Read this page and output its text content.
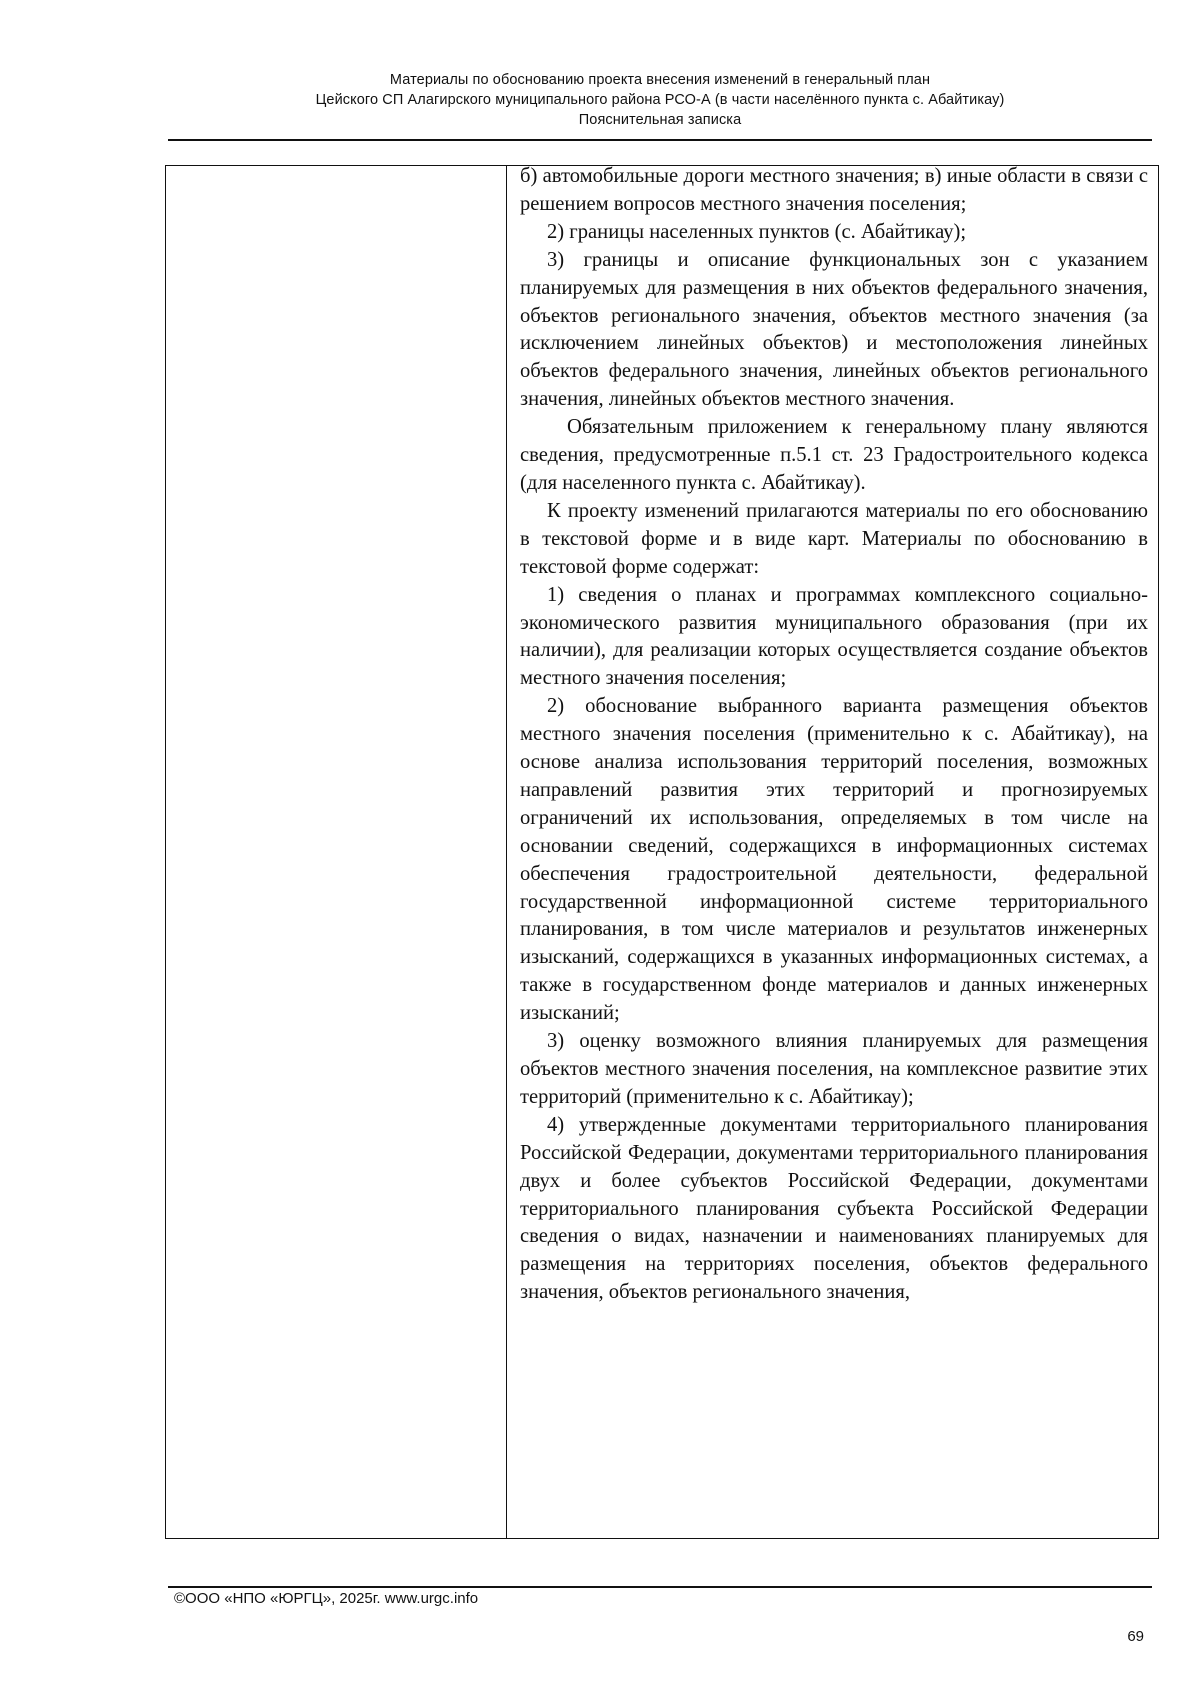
Материалы по обоснованию проекта внесения изменений в генеральный план
Цейского СП Алагирского муниципального района РСО-А (в части населённого пункта с. Абайтикау)
Пояснительная записка

б) автомобильные дороги местного значения; в) иные области в связи с решением вопросов местного значения поселения;

2) границы населенных пунктов (с. Абайтикау);

3) границы и описание функциональных зон с указанием планируемых для размещения в них объектов федерального значения, объектов регионального значения, объектов местного значения (за исключением линейных объектов) и местоположения линейных объектов федерального значения, линейных объектов регионального значения, линейных объектов местного значения.

Обязательным приложением к генеральному плану являются сведения, предусмотренные п.5.1 ст. 23 Градостроительного кодекса (для населенного пункта с. Абайтикау).

К проекту изменений прилагаются материалы по его обоснованию в текстовой форме и в виде карт. Материалы по обоснованию в текстовой форме содержат:

1) сведения о планах и программах комплексного социально-экономического развития муниципального образования (при их наличии), для реализации которых осуществляется создание объектов местного значения поселения;

2) обоснование выбранного варианта размещения объектов местного значения поселения (применительно к с. Абайтикау), на основе анализа использования территорий поселения, возможных направлений развития этих территорий и прогнозируемых ограничений их использования, определяемых в том числе на основании сведений, содержащихся в информационных системах обеспечения градостроительной деятельности, федеральной государственной информационной системе территориального планирования, в том числе материалов и результатов инженерных изысканий, содержащихся в указанных информационных системах, а также в государственном фонде материалов и данных инженерных изысканий;

3) оценку возможного влияния планируемых для размещения объектов местного значения поселения, на комплексное развитие этих территорий (применительно к с. Абайтикау);

4) утвержденные документами территориального планирования Российской Федерации, документами территориального планирования двух и более субъектов Российской Федерации, документами территориального планирования субъекта Российской Федерации сведения о видах, назначении и наименованиях планируемых для размещения на территориях поселения, объектов федерального значения, объектов регионального значения,

©ООО «НПО «ЮРГЦ», 2025г. www.urgc.info
69
